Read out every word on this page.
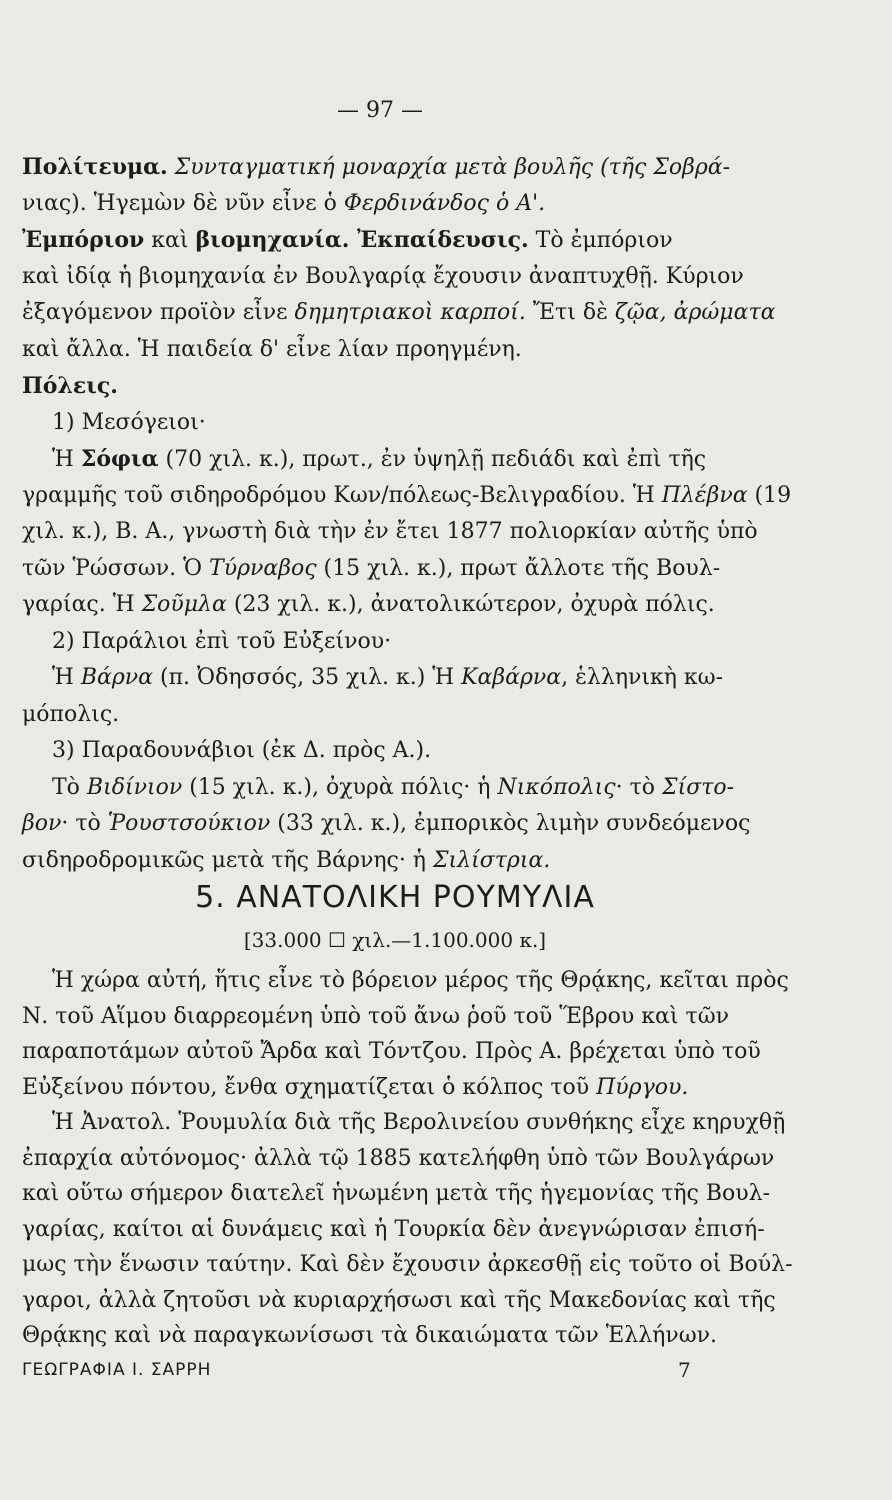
— 97 —
Πολίτευμα. Συνταγματική μοναρχία μετὰ βουλῆς (τῆς Σοβρά-
νιας). Ἡγεμὼν δὲ νῦν εἶνε ὁ Φερδινάνδος ὁ Α'.
Ἐμπόριον καὶ βιομηχανία. Ἐκπαίδευσις. Τὸ ἐμπόριον
καὶ ἰδίᾳ ἡ βιομηχανία ἐν Βουλγαρίᾳ ἔχουσιν ἀναπτυχθῇ. Κύριον
ἐξαγόμενον προϊὸν εἶνε δημητριακοὶ καρποί. Ἔτι δὲ ζῷα, ἀρώματα
καὶ ἄλλα. Ἡ παιδεία δ' εἶνε λίαν προηγμένη.
Πόλεις.
1) Μεσόγειοι·
Ἡ Σόφια (70 χιλ. κ.), πρωτ., ἐν ὑψηλῇ πεδιάδι καὶ ἐπὶ τῆς
γραμμῆς τοῦ σιδηροδρόμου Κων/πόλεως-Βελιγραδίου. Ἡ Πλέβνα (19
χιλ. κ.), Β. Α., γνωστὴ διὰ τὴν ἐν ἔτει 1877 πολιορκίαν αὐτῆς ὑπὸ
τῶν Ῥώσσων. Ὁ Τύρναβος (15 χιλ. κ.), πρωτ ἄλλοτε τῆς Βουλ-
γαρίας. Ἡ Σοῦμλα (23 χιλ. κ.), ἀνατολικώτερον, ὀχυρὰ πόλις.
2) Παράλιοι ἐπὶ τοῦ Εὐξείνου·
Ἡ Βάρνα (π. Ὀδησσός, 35 χιλ. κ.) Ἡ Καβάρνα, ἑλληνικὴ κω-
μόπολις.
3) Παραδουνάβιοι (ἐκ Δ. πρὸς Α.).
Τὸ Βιδίνιον (15 χιλ. κ.), ὀχυρὰ πόλις· ἡ Νικόπολις· τὸ Σίστο-
βον· τὸ Ῥουστσούκιον (33 χιλ. κ.), ἐμπορικὸς λιμὴν συνδεόμενος
σιδηροδρομικῶς μετὰ τῆς Βάρνης· ἡ Σιλίστρια.
5. ΑΝΑΤΟΛΙΚΗ ΡΟΥΜΥΛΙΑ
[33.000 ☐ χιλ.—1.100.000 κ.]
Ἡ χώρα αὐτή, ἥτις εἶνε τὸ βόρειον μέρος τῆς Θρᾴκης, κεῖται πρὸς
Ν. τοῦ Αἵμου διαρρεομένη ὑπὸ τοῦ ἄνω ῥοῦ τοῦ Ἕβρου καὶ τῶν
παραποτάμων αὐτοῦ Ἄρδα καὶ Τόντζου. Πρὸς Α. βρέχεται ὑπὸ τοῦ
Εὐξείνου πόντου, ἔνθα σχηματίζεται ὁ κόλπος τοῦ Πύργου.
Ἡ Ἀνατολ. Ῥουμυλία διὰ τῆς Βερολινείου συνθήκης εἶχε κηρυχθῇ
ἐπαρχία αὐτόνομος· ἀλλὰ τῷ 1885 κατελήφθη ὑπὸ τῶν Βουλγάρων
καὶ οὕτω σήμερον διατελεῖ ἡνωμένη μετὰ τῆς ἡγεμονίας τῆς Βουλ-
γαρίας, καίτοι αἱ δυνάμεις καὶ ἡ Τουρκία δὲν ἀνεγνώρισαν ἐπισή-
μως τὴν ἕνωσιν ταύτην. Καὶ δὲν ἔχουσιν ἀρκεσθῇ εἰς τοῦτο οἱ Βούλ-
γαροι, ἀλλὰ ζητοῦσι νὰ κυριαρχήσωσι καὶ τῆς Μακεδονίας καὶ τῆς
Θρᾴκης καὶ νὰ παραγκωνίσωσι τὰ δικαιώματα τῶν Ἑλλήνων.
ΓΕΩΓΡΑΦΙΑ Ι. ΣΑΡΡΗ	7
